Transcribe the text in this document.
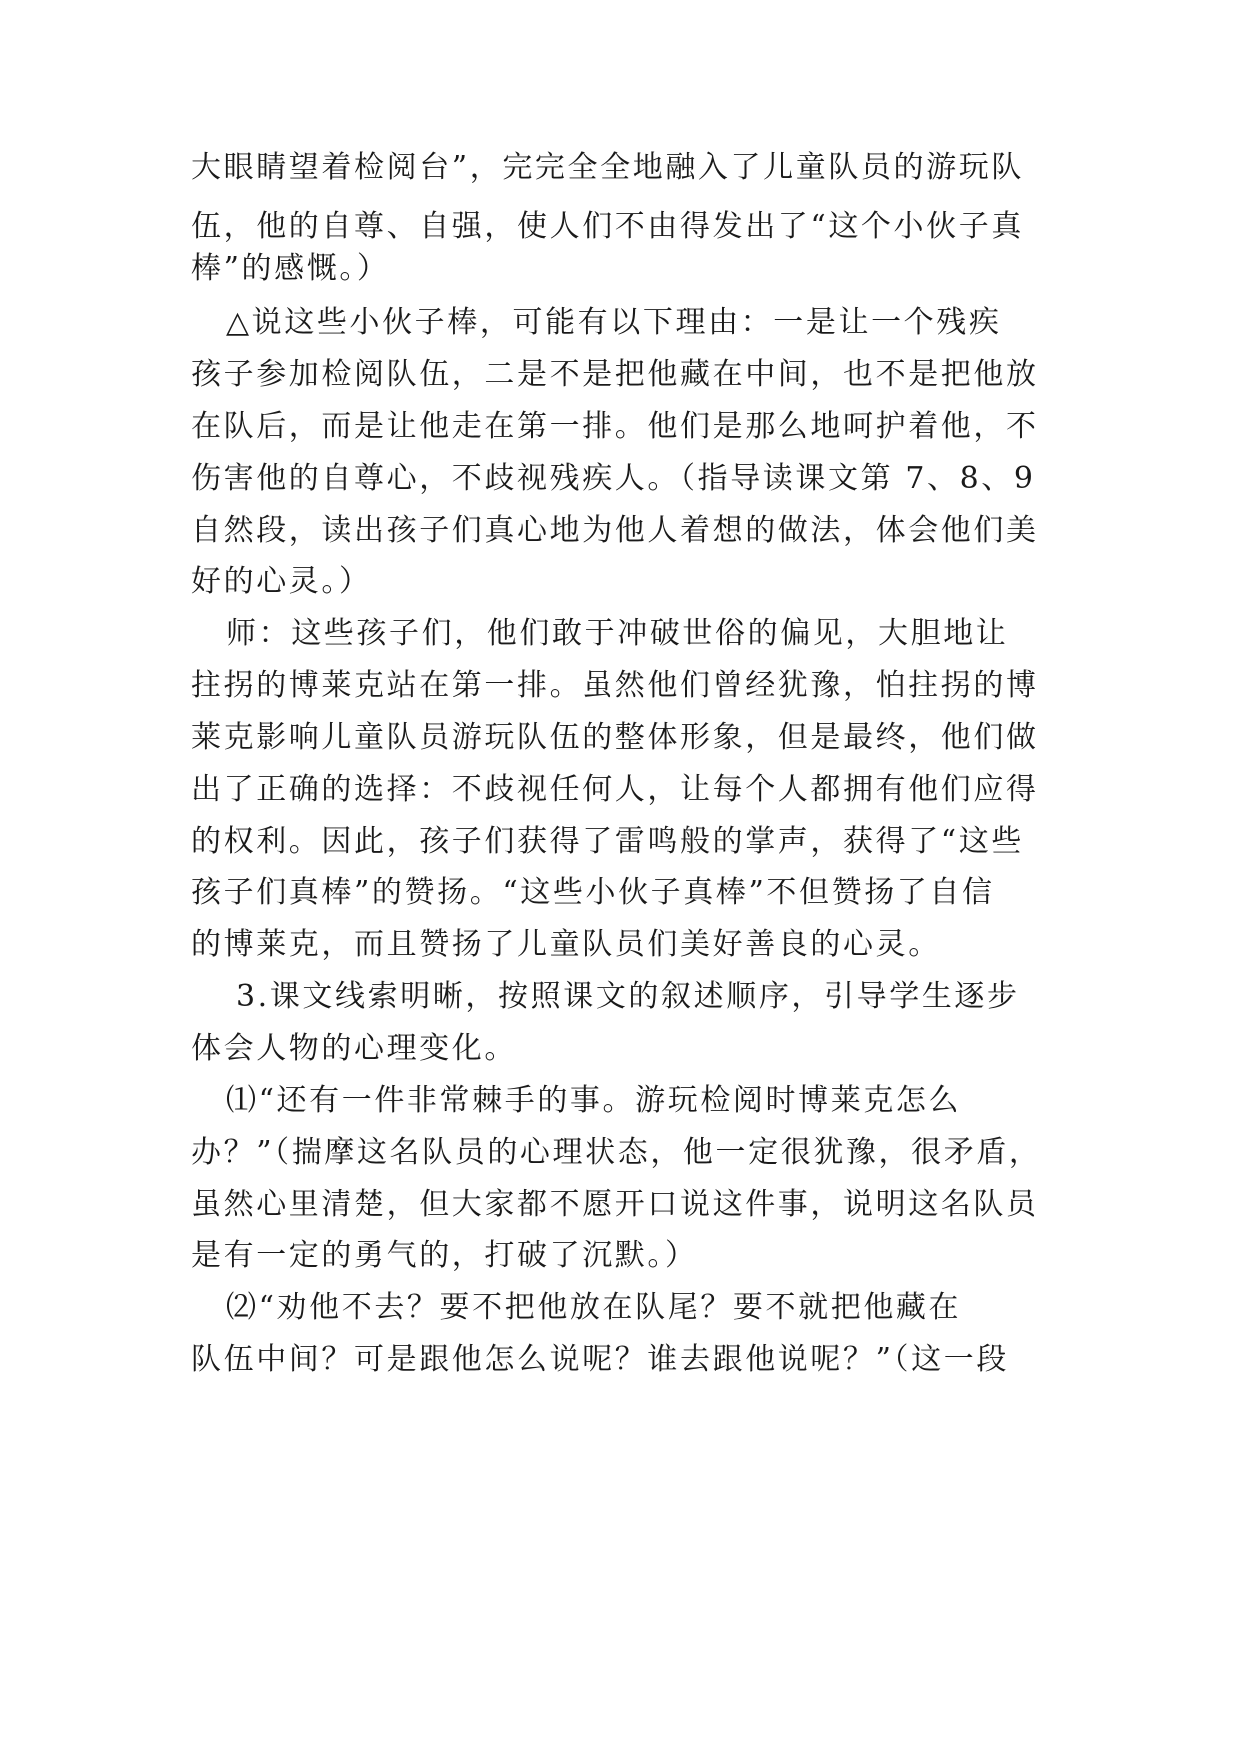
大眼睛望着检阅台”，完完全全地融入了儿童队员的游玩队
伍，他的自尊、自强，使人们不由得发出了“这个小伙子真
棒”的感慨。）
△说这些小伙子棒，可能有以下理由：一是让一个残疾
孩子参加检阅队伍，二是不是把他藏在中间，也不是把他放
在队后，而是让他走在第一排。他们是那么地呵护着他，不
伤害他的自尊心，不歧视残疾人。（指导读课文第 7、8、9
自然段，读出孩子们真心地为他人着想的做法，体会他们美
好的心灵。）
师：这些孩子们，他们敢于冲破世俗的偏见，大胆地让
拄拐的博莱克站在第一排。虽然他们曾经犹豫，怕拄拐的博
莱克影响儿童队员游玩队伍的整体形象，但是最终，他们做
出了正确的选择：不歧视任何人，让每个人都拥有他们应得
的权利。因此，孩子们获得了雷鸣般的掌声，获得了“这些
孩子们真棒”的赞扬。“这些小伙子真棒”不但赞扬了自信
的博莱克，而且赞扬了儿童队员们美好善良的心灵。
3.课文线索明晰，按照课文的叙述顺序，引导学生逐步
体会人物的心理变化。
⑴“还有一件非常棘手的事。游玩检阅时博莱克怎么
办？”（揣摩这名队员的心理状态，他一定很犹豫，很矛盾，
虽然心里清楚，但大家都不愿开口说这件事，说明这名队员
是有一定的勇气的，打破了沉默。）
⑵“劝他不去？要不把他放在队尾？要不就把他藏在
队伍中间？可是跟他怎么说呢？谁去跟他说呢？”（这一段
